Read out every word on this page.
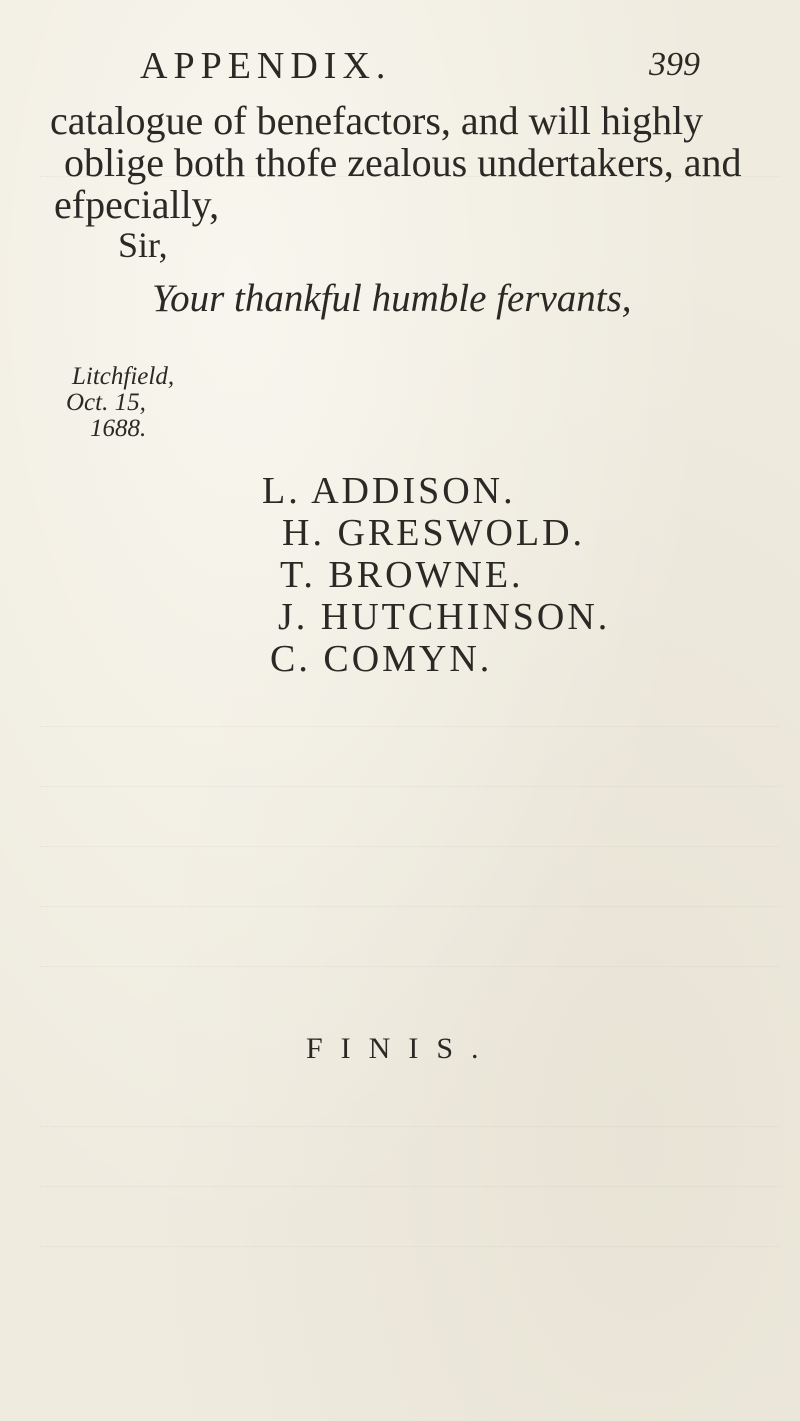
APPENDIX.	399
catalogue of benefactors, and will highly
oblige both thofe zealous undertakers, and
efpecially,
Sir,
Your thankful humble fervants,
Litchfield,
Oct. 15,
1688.
L. ADDISON.
H. GRESWOLD.
T. BROWNE.
J. HUTCHINSON.
C. COMYN.
FINIS.
